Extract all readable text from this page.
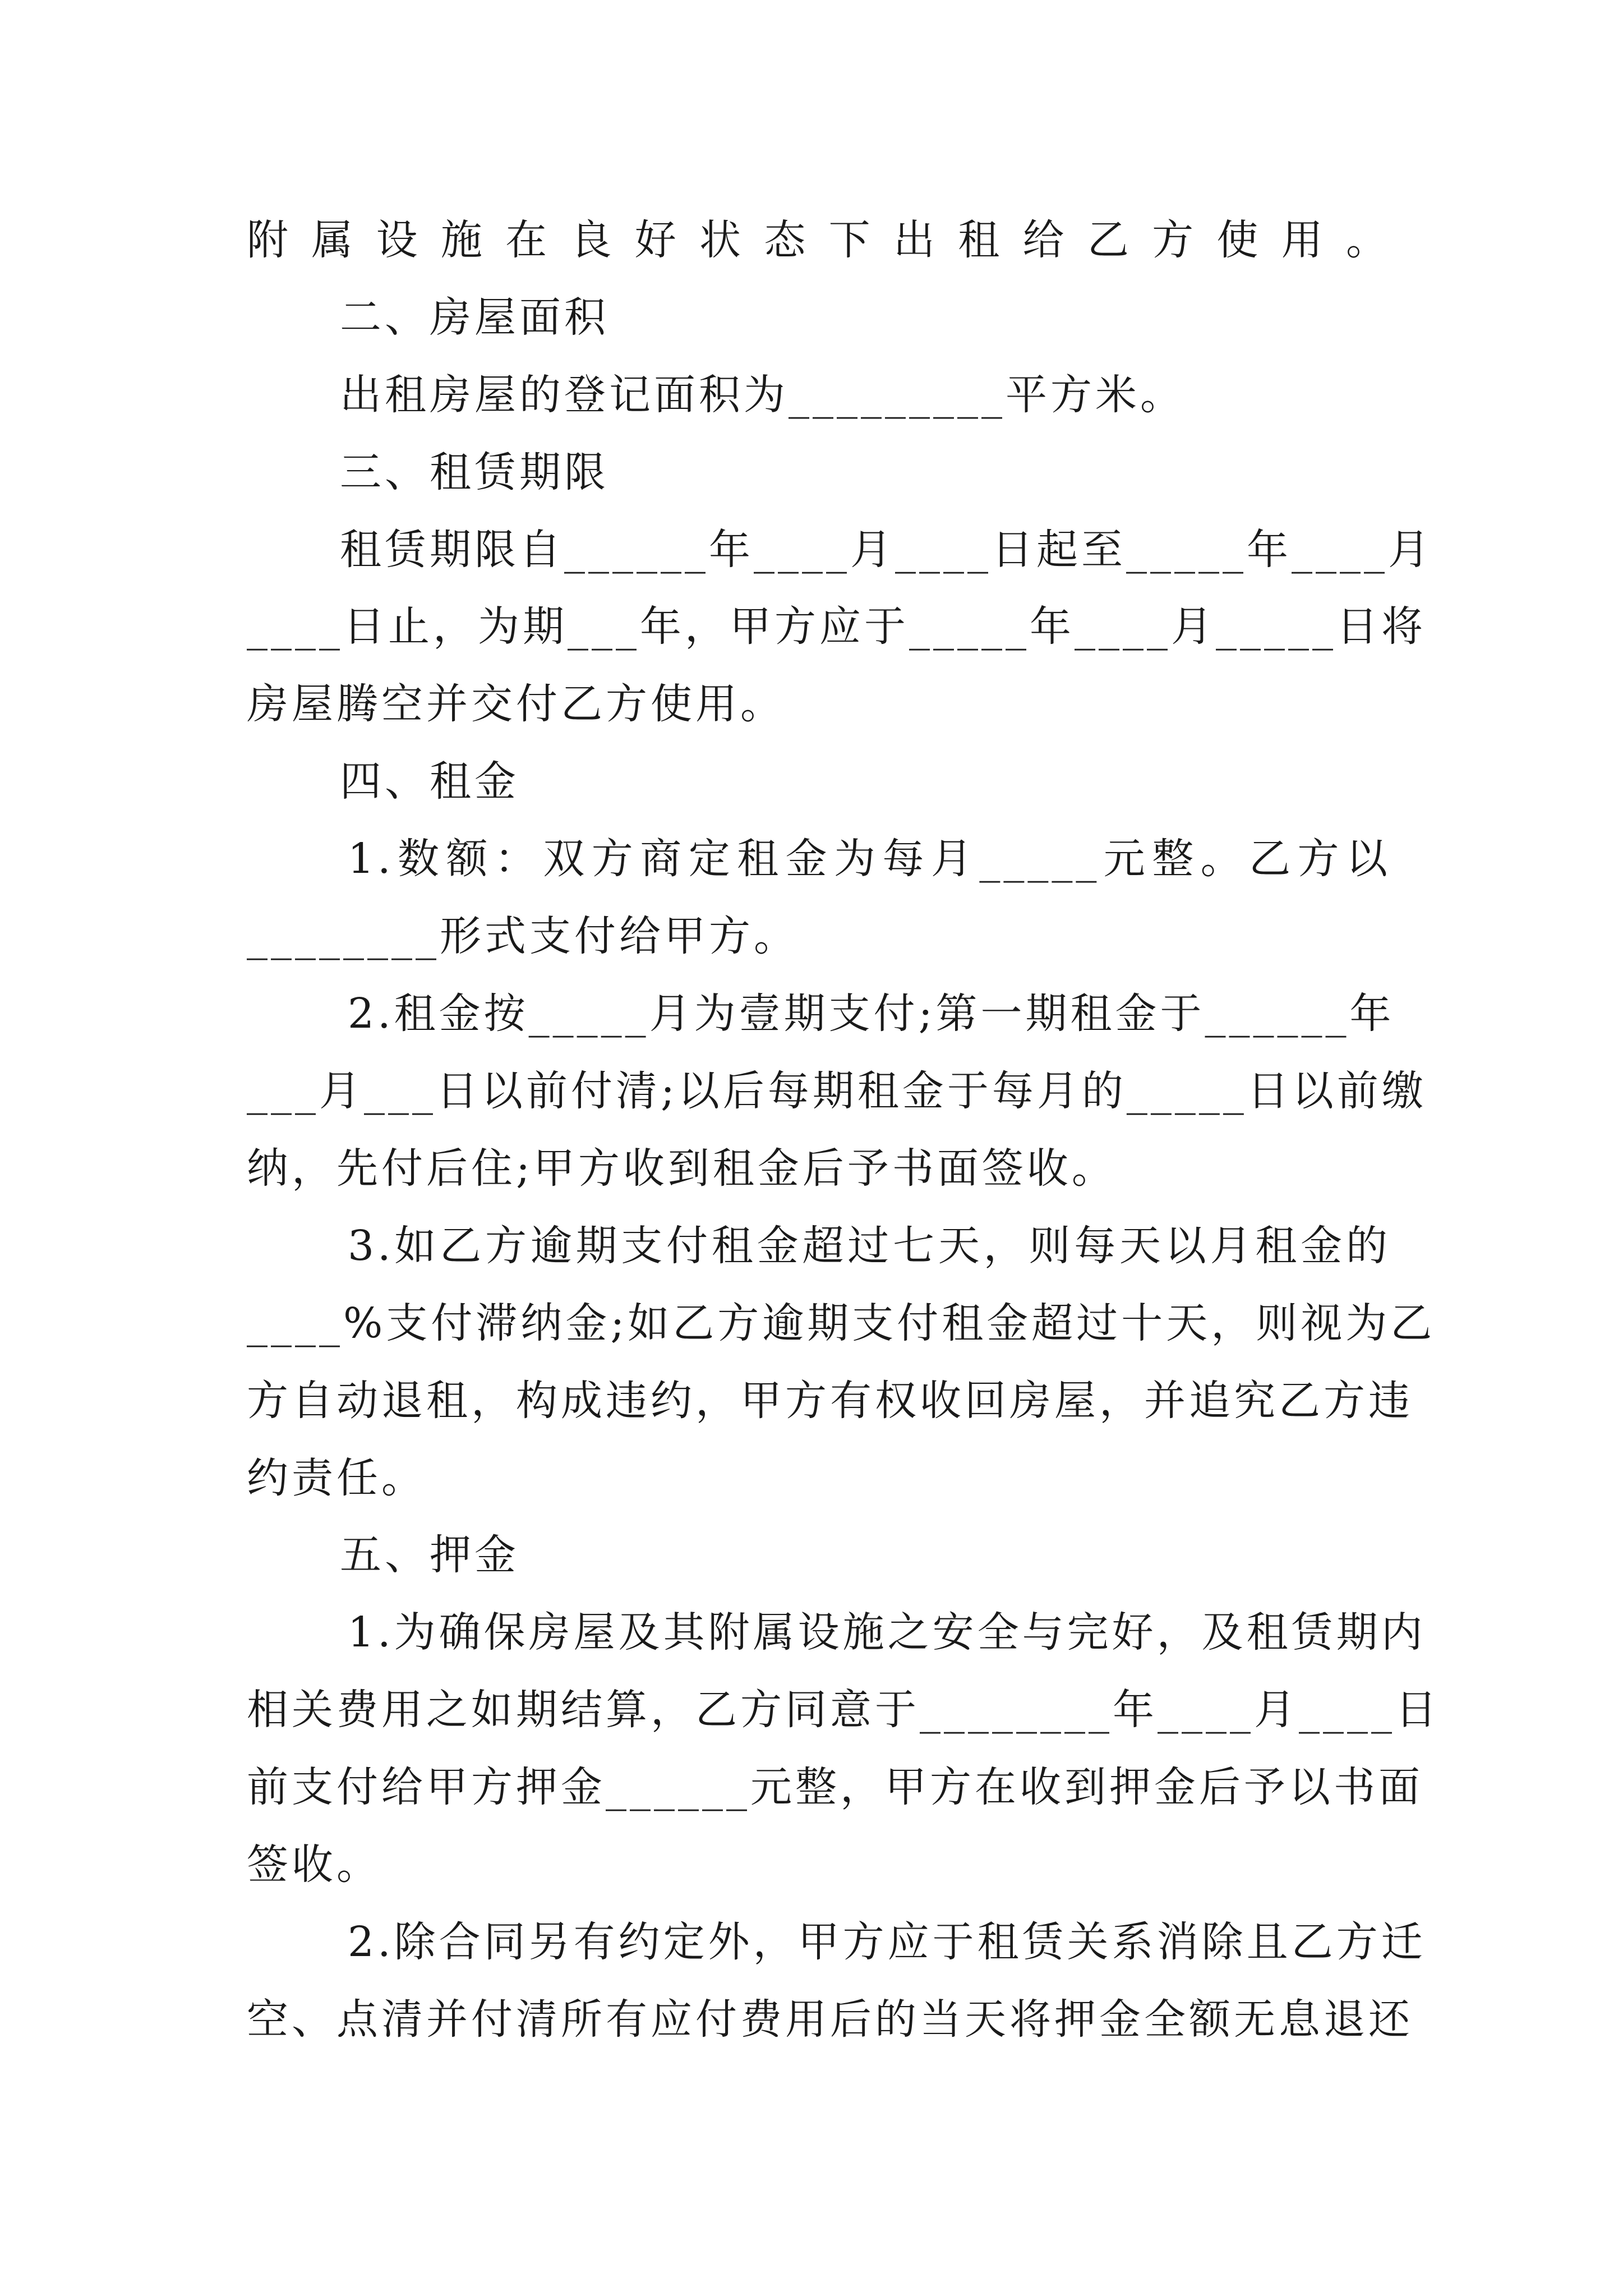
附属设施在良好状态下出租给乙方使用。
二、房屋面积
出租房屋的登记面积为_________平方米。
三、租赁期限
租赁期限自______年____月____日起至_____年____月
____日止，为期___年，甲方应于_____年____月_____日将
房屋腾空并交付乙方使用。
四、租金
1.数额：双方商定租金为每月_____元整。乙方以
________形式支付给甲方。
2.租金按_____月为壹期支付;第一期租金于______年
___月___日以前付清;以后每期租金于每月的_____日以前缴
纳，先付后住;甲方收到租金后予书面签收。
3.如乙方逾期支付租金超过七天，则每天以月租金的
____%支付滞纳金;如乙方逾期支付租金超过十天，则视为乙
方自动退租，构成违约，甲方有权收回房屋，并追究乙方违
约责任。
五、押金
1.为确保房屋及其附属设施之安全与完好，及租赁期内
相关费用之如期结算，乙方同意于________年____月____日
前支付给甲方押金______元整，甲方在收到押金后予以书面
签收。
2.除合同另有约定外，甲方应于租赁关系消除且乙方迁
空、点清并付清所有应付费用后的当天将押金全额无息退还
